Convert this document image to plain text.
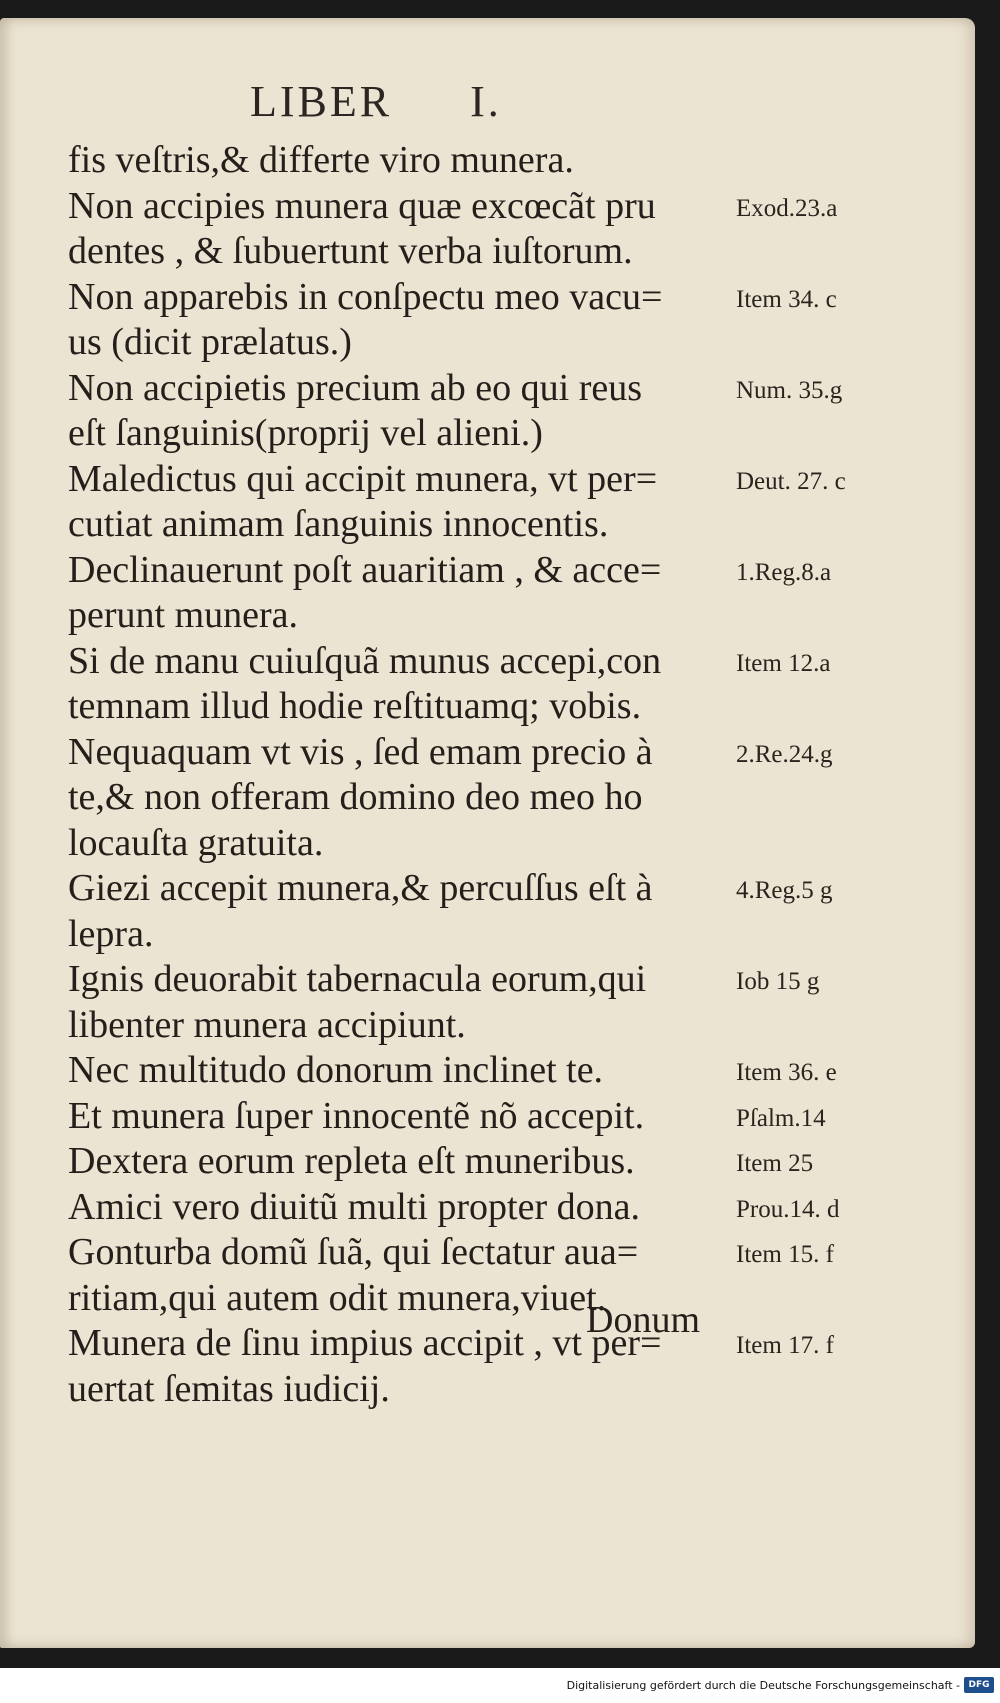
LIBER I.
fis veſtris,& differte viro munera.
Non accipies munera quæ excœcãt pru	Exod.23.a
dentes , & ſubuertunt verba iuſtorum.
Non apparebis in conſpectu meo vacu=	Item 34. c
us (dicit prælatus.)
Non accipietis precium ab eo qui reus	Num. 35.g
eſt ſanguinis(proprij vel alieni.)
Maledictus qui accipit munera, vt per=	Deut. 27. c
cutiat animam ſanguinis innocentis.
Declinauerunt poſt auaritiam , & acce=	1.Reg.8.a
perunt munera.
Si de manu cuiuſquã munus accepi,con	Item 12.a
temnam illud hodie reſtituamq; vobis.
Nequaquam vt vis , ſed emam precio à	2.Re.24.g
te,& non offeram domino deo meo ho
locauſta gratuita.
Giezi accepit munera,& percuſſus eſt à	4.Reg.5 g
lepra.
Ignis deuorabit tabernacula eorum,qui	Iob 15 g
libenter munera accipiunt.
Nec multitudo donorum inclinet te.	Item 36. e
Et munera ſuper innocentẽ nõ accepit.	Pſalm.14
Dextera eorum repleta eſt muneribus.	Item 25
Amici vero diuitũ multi propter dona.	Prou.14. d
Gonturba domũ ſuã, qui ſectatur aua=	Item 15. f
ritiam,qui autem odit munera,viuet.
Munera de ſinu impius accipit , vt per=	Item 17. f
uertat ſemitas iudicij.
Donum
Digitalisierung gefördert durch die Deutsche Forschungsgemeinschaft - DFG
